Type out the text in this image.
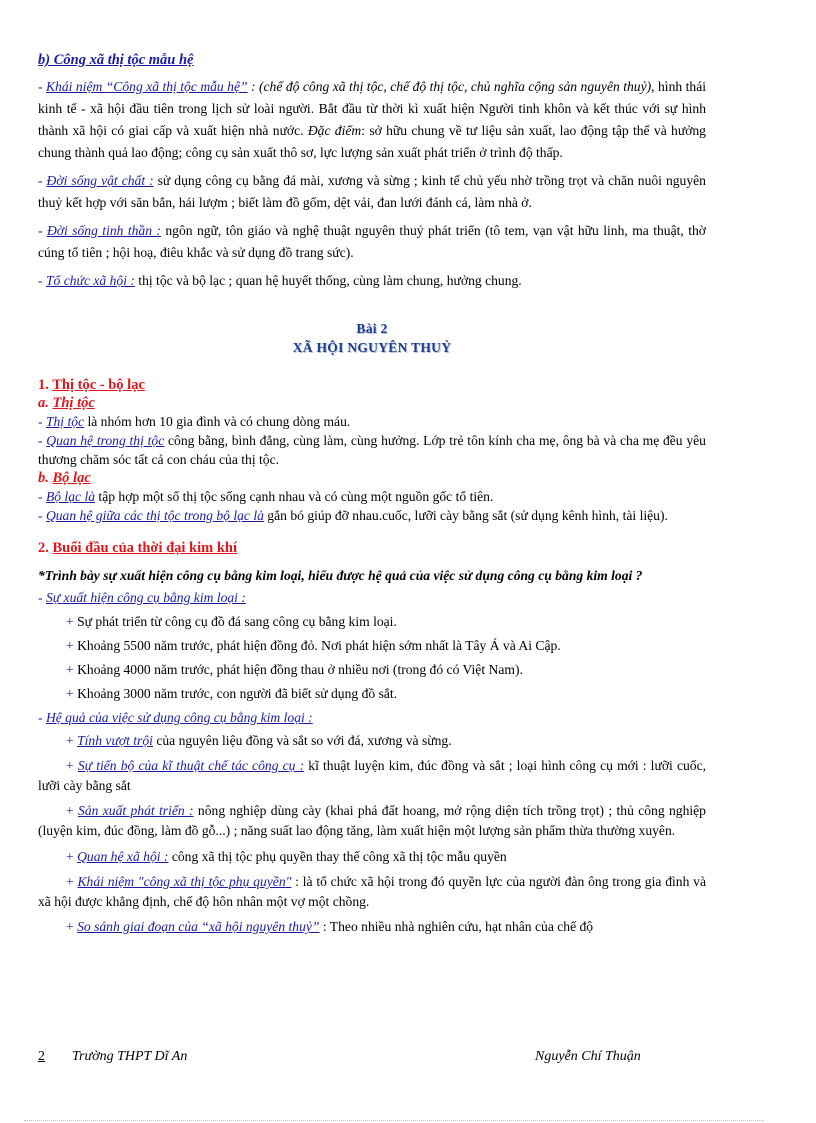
b) Công xã thị tộc mẫu hệ

- Khái niệm “Công xã thị tộc mẫu hệ” : (chế độ công xã thị tộc, chế độ thị tộc, chủ nghĩa cộng sản nguyên thuỷ), hình thái kinh tế - xã hội đầu tiên trong lịch sử loài người. Bắt đầu từ thời kì xuất hiện Người tinh khôn và kết thúc với sự hình thành xã hội có giai cấp và xuất hiện nhà nước. Đặc điểm: sở hữu chung về tư liệu sản xuất, lao động tập thể và hưởng chung thành quả lao động; công cụ sản xuất thô sơ, lực lượng sản xuất phát triển ở trình độ thấp.

- Đời sống vật chất : sử dụng công cụ bằng đá mài, xương và sừng ; kinh tế chủ yếu nhờ trồng trọt và chăn nuôi nguyên thuỷ kết hợp với săn bắn, hái lượm ; biết làm đồ gốm, dệt vải, đan lưới đánh cá, làm nhà ở.

- Đời sống tinh thần : ngôn ngữ, tôn giáo và nghệ thuật nguyên thuỷ phát triển (tô tem, vạn vật hữu linh, ma thuật, thờ cúng tổ tiên ; hội hoạ, điêu khắc và sử dụng đồ trang sức).

- Tổ chức xã hội : thị tộc và bộ lạc ; quan hệ huyết thống, cùng làm chung, hưởng chung.

Bài 2

XÃ HỘI NGUYÊN THUỶ

1. Thị tộc - bộ lạc

a. Thị tộc

- Thị tộc là nhóm hơn 10 gia đình và có chung dòng máu.

- Quan hệ trong thị tộc công bằng, bình đẳng, cùng làm, cùng hưởng. Lớp trẻ tôn kính cha mẹ, ông bà và cha mẹ đều yêu thương chăm sóc tất cả con cháu của thị tộc.

b. Bộ lạc

- Bộ lạc là tập hợp một số thị tộc sống cạnh nhau và có cùng một nguồn gốc tổ tiên.

- Quan hệ giữa các thị tộc trong bộ lạc là gắn bó giúp đỡ nhau.cuốc, lưỡi cày bằng sắt (sử dụng kênh hình, tài liệu).

2. Buổi đầu của thời đại kim khí

*Trình bày sự xuất hiện công cụ bằng kim loại, hiểu được hệ quả của việc sử dụng công cụ bằng kim loại ?

- Sự xuất hiện công cụ bằng kim loại :

+ Sự phát triển từ công cụ đồ đá sang công cụ bằng kim loại.

+ Khoảng 5500 năm trước, phát hiện đồng đỏ. Nơi phát hiện sớm nhất là Tây Á và Ai Cập.

+ Khoảng 4000 năm trước, phát hiện đồng thau ở nhiều nơi (trong đó có Việt Nam).

+ Khoảng 3000 năm trước, con người đã biết sử dụng đồ sắt.

- Hệ quả của việc sử dụng công cụ bằng kim loại :

+ Tính vượt trội của nguyên liệu đồng và sắt so với đá, xương và sừng.

+ Sự tiến bộ của kĩ thuật chế tác công cụ : kĩ thuật luyện kim, đúc đồng và sắt ; loại hình công cụ mới : lưỡi cuốc, lưỡi cày bằng sắt

+ Sản xuất phát triển : nông nghiệp dùng cày (khai phá đất hoang, mở rộng diện tích trồng trọt) ; thủ công nghiệp (luyện kim, đúc đồng, làm đồ gỗ...) ; năng suất lao động tăng, làm xuất hiện một lượng sản phẩm thừa thường xuyên.

+ Quan hệ xã hội : công xã thị tộc phụ quyền thay thế công xã thị tộc mẫu quyền

+ Khái niệm "công xã thị tộc phụ quyền" : là tổ chức xã hội trong đó quyền lực của người đàn ông trong gia đình và xã hội được khẳng định, chế độ hôn nhân một vợ một chồng.

+ So sánh giai đoạn của “xã hội nguyên thuỷ” : Theo nhiều nhà nghiên cứu, hạt nhân của chế độ

2 Trường THPT Dĩ An	Nguyễn Chí Thuận
